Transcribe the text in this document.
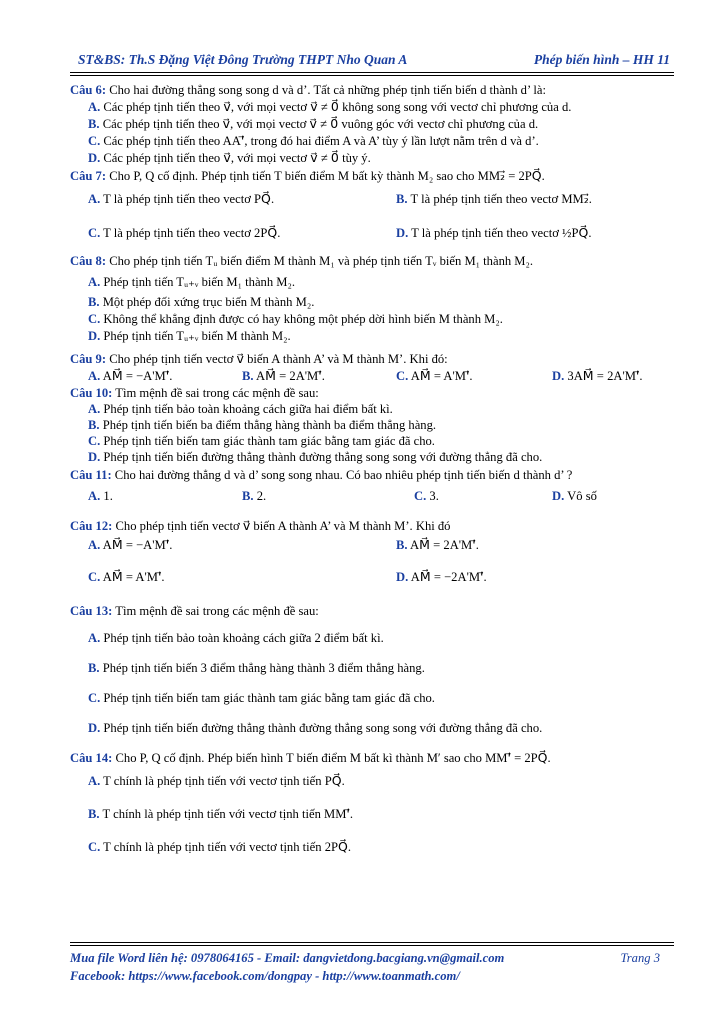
ST&BS: Th.S Đặng Việt Đông Trường THPT Nho Quan A	Phép biến hình – HH 11
Câu 6: Cho hai đường thẳng song song d và d’. Tất cả những phép tịnh tiến biến d thành d’ là:
A. Các phép tịnh tiến theo v⃗, với mọi vectơ v⃗ ≠ 0⃗ không song song với vectơ chỉ phương của d.
B. Các phép tịnh tiến theo v⃗, với mọi vectơ v⃗ ≠ 0⃗ vuông góc với vectơ chỉ phương của d.
C. Các phép tịnh tiến theo AA'⃗, trong đó hai điểm A và A’ tùy ý lần lượt nằm trên d và d’.
D. Các phép tịnh tiến theo v⃗, với mọi vectơ v⃗ ≠ 0⃗ tùy ý.
Câu 7: Cho P, Q cố định. Phép tịnh tiến T biến điểm M bất kỳ thành M₂ sao cho MM₂⃗ = 2PQ⃗.
A. T là phép tịnh tiến theo vectơ PQ⃗.	B. T là phép tịnh tiến theo vectơ MM₂⃗.
C. T là phép tịnh tiến theo vectơ 2PQ⃗.	D. T là phép tịnh tiến theo vectơ ½PQ⃗.
Câu 8: Cho phép tịnh tiến Tᵤ biến điểm M thành M₁ và phép tịnh tiến Tᵥ biến M₁ thành M₂.
A. Phép tịnh tiến Tᵤ₊ᵥ biến M₁ thành M₂.
B. Một phép đối xứng trục biến M thành M₂.
C. Không thể khẳng định được có hay không một phép dời hình biến M thành M₂.
D. Phép tịnh tiến Tᵤ₊ᵥ biến M thành M₂.
Câu 9: Cho phép tịnh tiến vectơ v⃗ biến A thành A’ và M thành M’. Khi đó:
A. AM⃗ = −A'M'⃗.	B. AM⃗ = 2A'M'⃗.	C. AM⃗ = A'M'⃗.	D. 3AM⃗ = 2A'M'⃗.
Câu 10: Tìm mệnh đề sai trong các mệnh đề sau:
A. Phép tịnh tiến bảo toàn khoảng cách giữa hai điểm bất kì.
B. Phép tịnh tiến biến ba điểm thẳng hàng thành ba điểm thẳng hàng.
C. Phép tịnh tiến biến tam giác thành tam giác bằng tam giác đã cho.
D. Phép tịnh tiến biến đường thẳng thành đường thẳng song song với đường thẳng đã cho.
Câu 11: Cho hai đường thẳng d và d’ song song nhau. Có bao nhiêu phép tịnh tiến biến d thành d’ ?
A. 1.	B. 2.	C. 3.	D. Vô số
Câu 12: Cho phép tịnh tiến vectơ v⃗ biến A thành A’ và M thành M’. Khi đó
A. AM⃗ = −A'M'⃗.	B. AM⃗ = 2A'M'⃗.
C. AM⃗ = A'M'⃗.	D. AM⃗ = −2A'M'⃗.
Câu 13: Tìm mệnh đề sai trong các mệnh đề sau:
A. Phép tịnh tiến bảo toàn khoảng cách giữa 2 điểm bất kì.
B. Phép tịnh tiến biến 3 điểm thẳng hàng thành 3 điểm thẳng hàng.
C. Phép tịnh tiến biến tam giác thành tam giác bằng tam giác đã cho.
D. Phép tịnh tiến biến đường thẳng thành đường thẳng song song với đường thẳng đã cho.
Câu 14: Cho P, Q cố định. Phép biến hình T biến điểm M bất kì thành M′ sao cho MM'⃗ = 2PQ⃗.
A. T chính là phép tịnh tiến với vectơ tịnh tiến PQ⃗.
B. T chính là phép tịnh tiến với vectơ tịnh tiến MM'⃗.
C. T chính là phép tịnh tiến với vectơ tịnh tiến 2PQ⃗.
Mua file Word liên hệ: 0978064165 - Email: dangvietdong.bacgiang.vn@gmail.com
Facebook: https://www.facebook.com/dongpay - http://www.toanmath.com/
Trang 3
